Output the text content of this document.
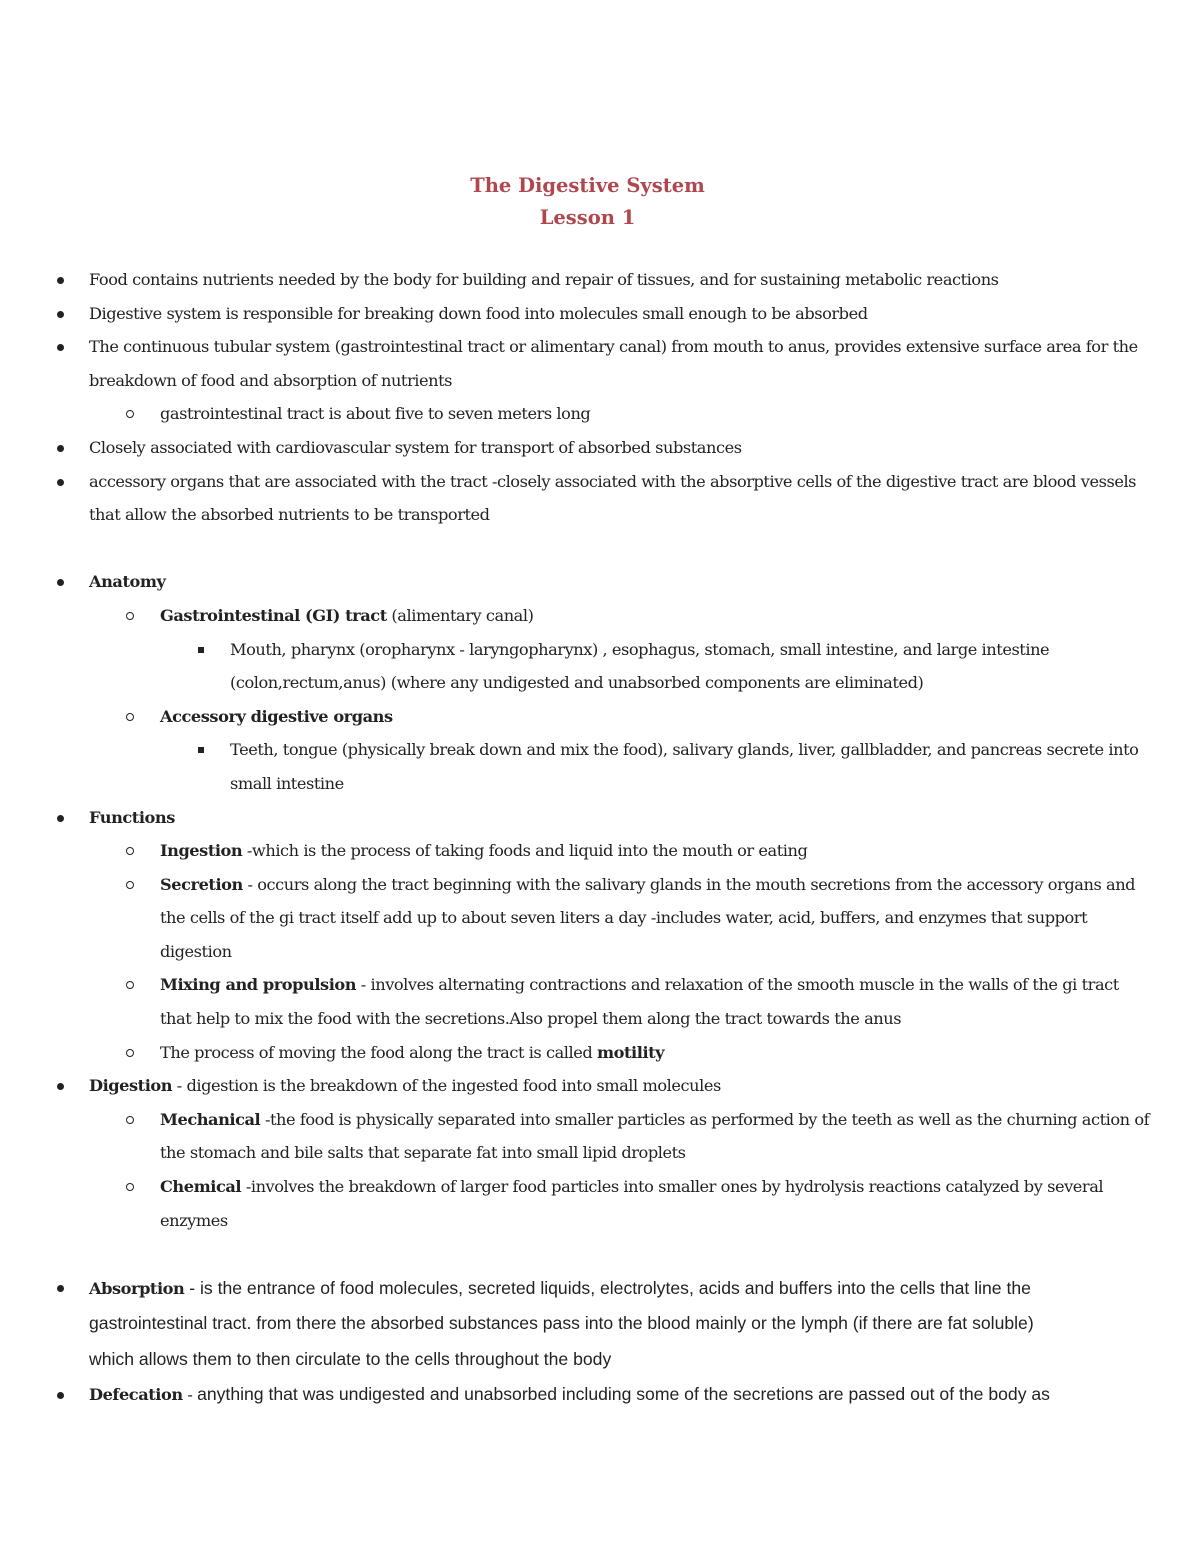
The Digestive System
Lesson 1
Food contains nutrients needed by the body for building and repair of tissues, and for sustaining metabolic reactions
Digestive system is responsible for breaking down food into molecules small enough to be absorbed
The continuous tubular system (gastrointestinal tract or alimentary canal) from mouth to anus, provides extensive surface area for the
breakdown of food and absorption of nutrients
gastrointestinal tract is about five to seven meters long
Closely associated with cardiovascular system for transport of absorbed substances
accessory organs that are associated with the tract -closely associated with the absorptive cells of the digestive tract are blood vessels
that allow the absorbed nutrients to be transported
Anatomy
Gastrointestinal (GI) tract (alimentary canal)
Mouth, pharynx (oropharynx - laryngopharynx) , esophagus, stomach, small intestine, and large intestine
(colon,rectum,anus) (where any undigested and unabsorbed components are eliminated)
Accessory digestive organs
Teeth, tongue (physically break down and mix the food), salivary glands, liver, gallbladder, and pancreas secrete into
small intestine
Functions
Ingestion -which is the process of taking foods and liquid into the mouth or eating
Secretion - occurs along the tract beginning with the salivary glands in the mouth secretions from the accessory organs and
the cells of the gi tract itself add up to about seven liters a day -includes water, acid, buffers, and enzymes that support
digestion
Mixing and propulsion - involves alternating contractions and relaxation of the smooth muscle in the walls of the gi tract
that help to mix the food with the secretions.Also propel them along the tract towards the anus
The process of moving the food along the tract is called motility
Digestion - digestion is the breakdown of the ingested food into small molecules
Mechanical -the food is physically separated into smaller particles as performed by the teeth as well as the churning action of
the stomach and bile salts that separate fat into small lipid droplets
Chemical -involves the breakdown of larger food particles into smaller ones by hydrolysis reactions catalyzed by several
enzymes
Absorption - is the entrance of food molecules, secreted liquids, electrolytes, acids and buffers into the cells that line the
gastrointestinal tract. from there the absorbed substances pass into the blood mainly or the lymph (if there are fat soluble)
which allows them to then circulate to the cells throughout the body
Defecation - anything that was undigested and unabsorbed including some of the secretions are passed out of the body as
